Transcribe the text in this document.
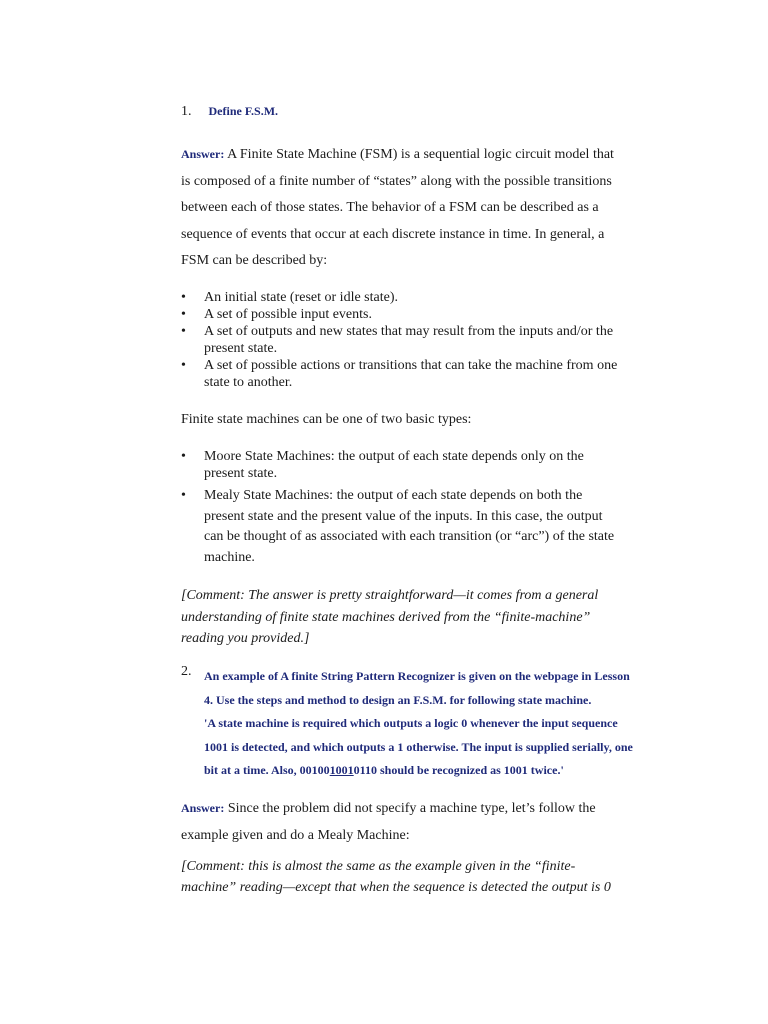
1. Define F.S.M.
Answer: A Finite State Machine (FSM) is a sequential logic circuit model that
is composed of a finite number of “states” along with the possible transitions
between each of those states. The behavior of a FSM can be described as a
sequence of events that occur at each discrete instance in time. In general, a
FSM can be described by:
• An initial state (reset or idle state).
• A set of possible input events.
• A set of outputs and new states that may result from the inputs and/or the
present state.
• A set of possible actions or transitions that can take the machine from one
state to another.
Finite state machines can be one of two basic types:
• Moore State Machines: the output of each state depends only on the
present state.
• Mealy State Machines: the output of each state depends on both the
present state and the present value of the inputs. In this case, the output
can be thought of as associated with each transition (or “arc”) of the state
machine.
[Comment: The answer is pretty straightforward—it comes from a general
understanding of finite state machines derived from the “finite-machine”
reading you provided.]
2. An example of A finite String Pattern Recognizer is given on the webpage in Lesson
4. Use the steps and method to design an F.S.M. for following state machine.
'A state machine is required which outputs a logic 0 whenever the input sequence
1001 is detected, and which outputs a 1 otherwise. The input is supplied serially, one
bit at a time. Also, 0010010010110 should be recognized as 1001 twice.'
Answer: Since the problem did not specify a machine type, let’s follow the
example given and do a Mealy Machine:
[Comment: this is almost the same as the example given in the “finite-
machine” reading—except that when the sequence is detected the output is 0
